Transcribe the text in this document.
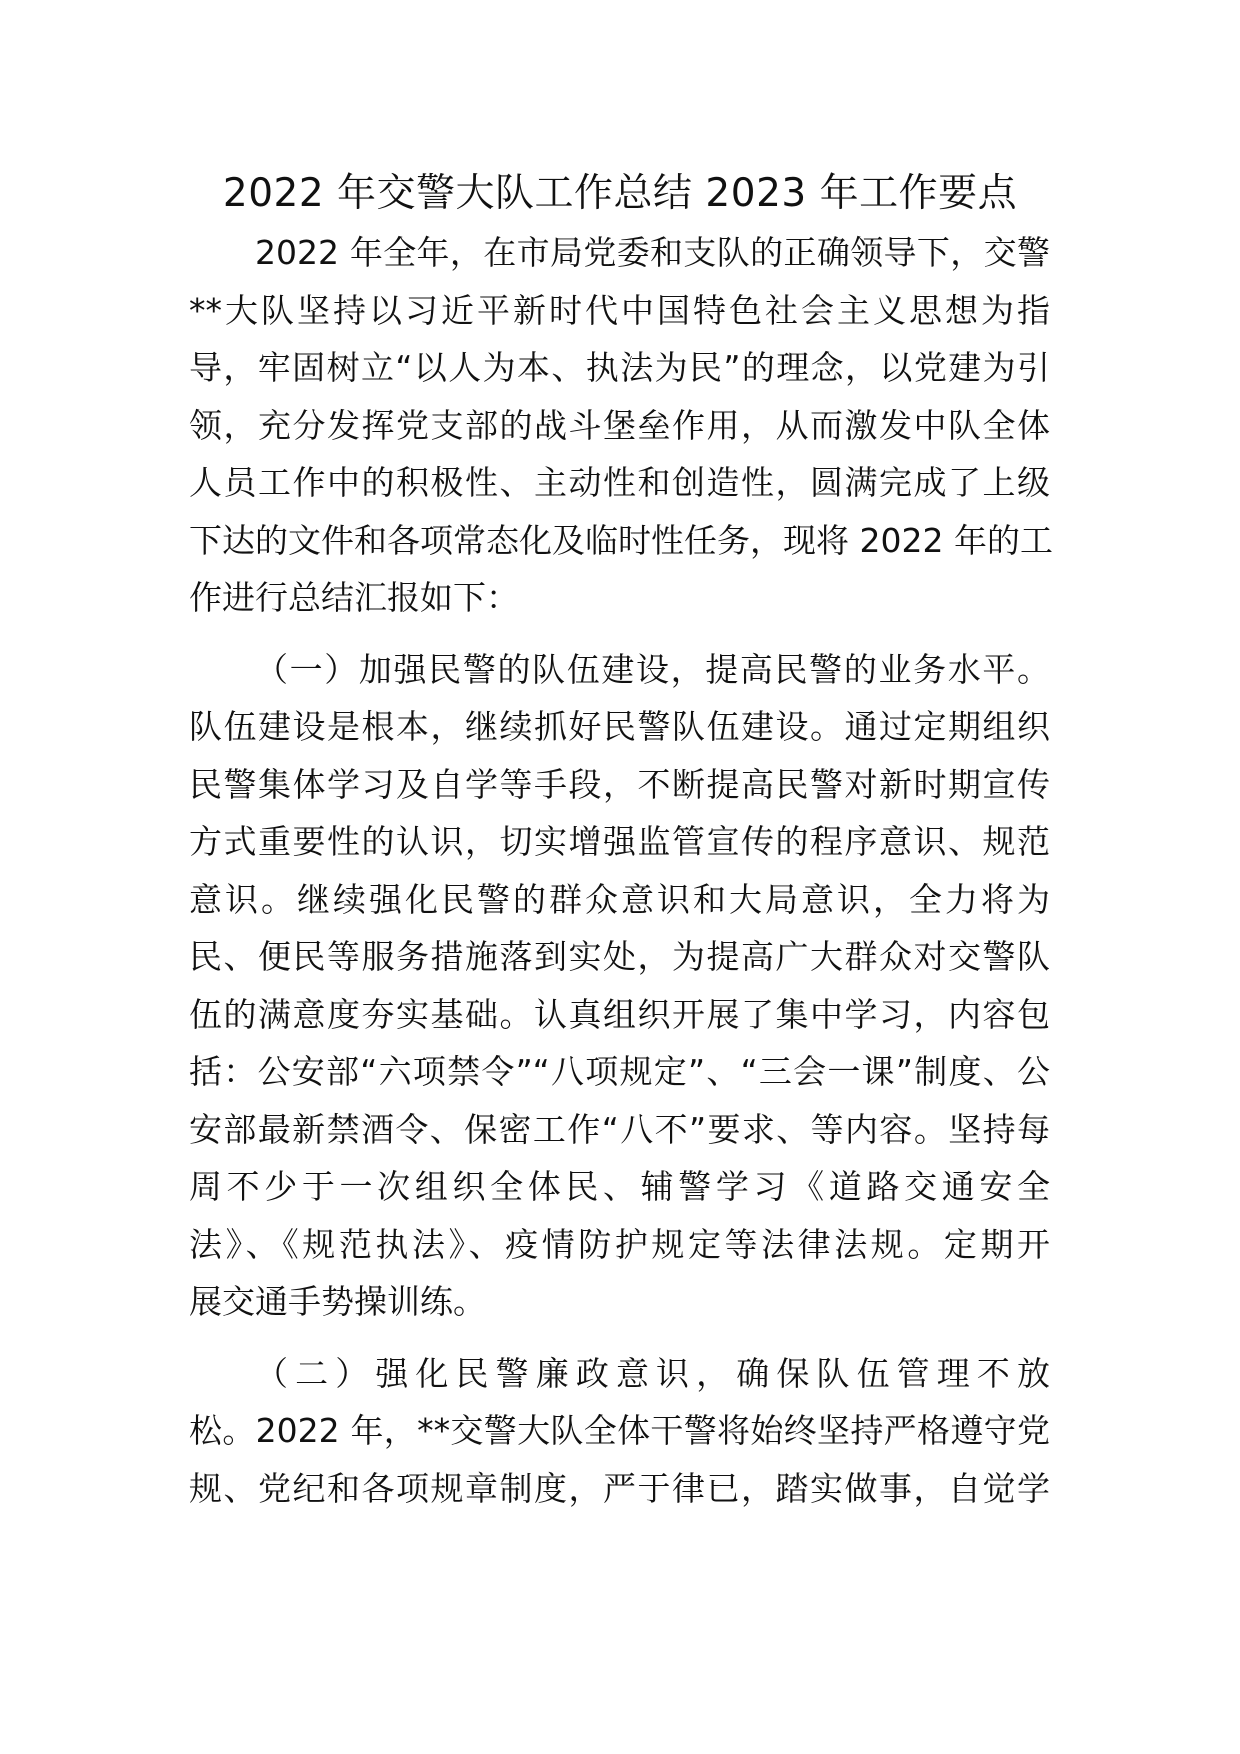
2022 年交警大队工作总结 2023 年工作要点
2022 年全年，在市局党委和支队的正确领导下，交警
**大队坚持以习近平新时代中国特色社会主义思想为指
导，牢固树立“以人为本、执法为民”的理念，以党建为引
领，充分发挥党支部的战斗堡垒作用，从而激发中队全体
人员工作中的积极性、主动性和创造性，圆满完成了上级
下达的文件和各项常态化及临时性任务，现将 2022 年的工
作进行总结汇报如下：
（一）加强民警的队伍建设，提高民警的业务水平。
队伍建设是根本，继续抓好民警队伍建设。通过定期组织
民警集体学习及自学等手段，不断提高民警对新时期宣传
方式重要性的认识，切实增强监管宣传的程序意识、规范
意识。继续强化民警的群众意识和大局意识，全力将为
民、便民等服务措施落到实处，为提高广大群众对交警队
伍的满意度夯实基础。认真组织开展了集中学习，内容包
括：公安部“六项禁令”“八项规定”、“三会一课”制度、公
安部最新禁酒令、保密工作“八不”要求、等内容。坚持每
周不少于一次组织全体民、辅警学习《道路交通安全
法》、《规范执法》、疫情防护规定等法律法规。定期开
展交通手势操训练。
（二）强化民警廉政意识，确保队伍管理不放
松。2022 年，**交警大队全体干警将始终坚持严格遵守党
规、党纪和各项规章制度，严于律已，踏实做事，自觉学
